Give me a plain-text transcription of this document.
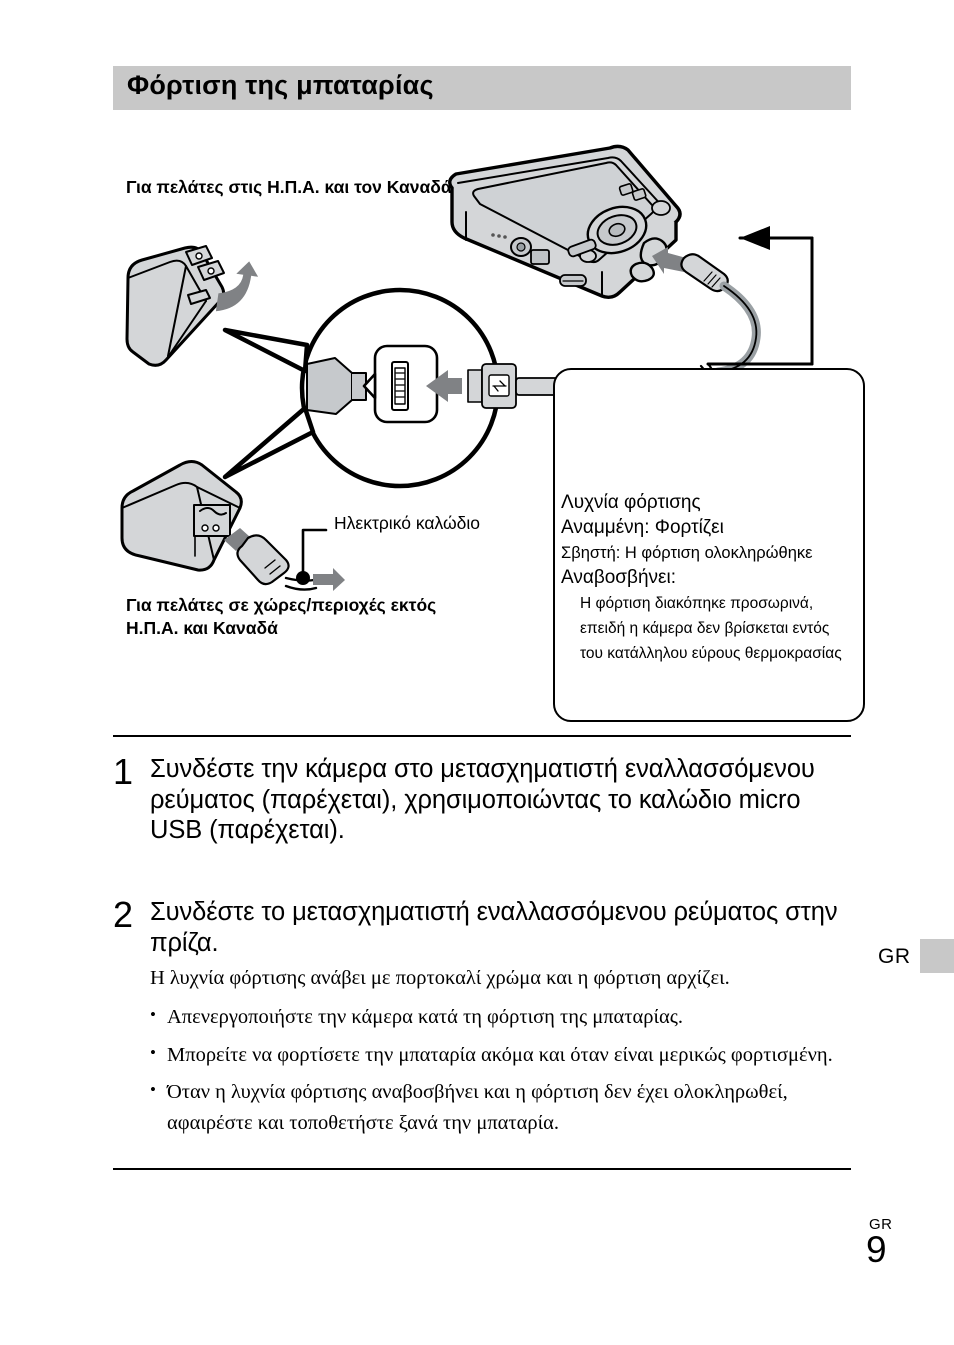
Φόρτιση της μπαταρίας
Για πελάτες στις Η.Π.Α. και τον Καναδά
Για πελάτες σε χώρες/περιοχές εκτός Η.Π.Α. και Καναδά
Ηλεκτρικό καλώδιο
Λυχνία φόρτισης
Αναμμένη: Φορτίζει
Σβηστή: Η φόρτιση ολοκληρώθηκε
Αναβοσβήνει:
Η φόρτιση διακόπηκε προσωρινά, επειδή η κάμερα δεν βρίσκεται εντός του κατάλληλου εύρους θερμοκρασίας
1 Συνδέστε την κάμερα στο μετασχηματιστή εναλλασσόμενου ρεύματος (παρέχεται), χρησιμοποιώντας το καλώδιο micro USB (παρέχεται).
2 Συνδέστε το μετασχηματιστή εναλλασσόμενου ρεύματος στην πρίζα.
Η λυχνία φόρτισης ανάβει με πορτοκαλί χρώμα και η φόρτιση αρχίζει.
• Απενεργοποιήστε την κάμερα κατά τη φόρτιση της μπαταρίας.
• Μπορείτε να φορτίσετε την μπαταρία ακόμα και όταν είναι μερικώς φορτισμένη.
• Όταν η λυχνία φόρτισης αναβοσβήνει και η φόρτιση δεν έχει ολοκληρωθεί, αφαιρέστε και τοποθετήστε ξανά την μπαταρία.
GR
GR
9
